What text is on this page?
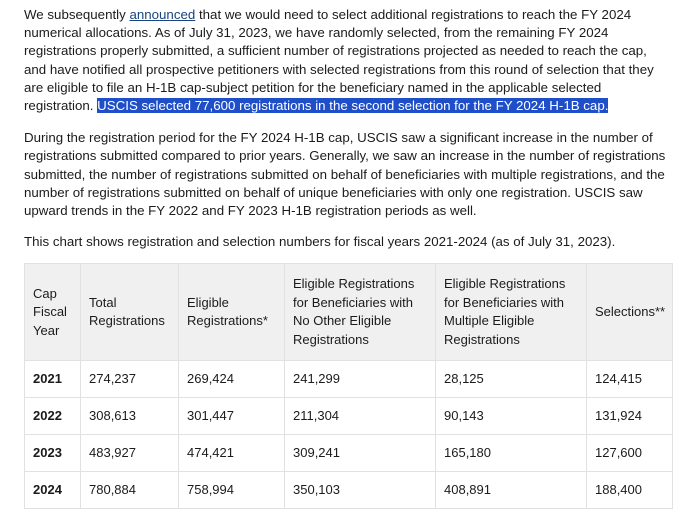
We subsequently announced that we would need to select additional registrations to reach the FY 2024 numerical allocations. As of July 31, 2023, we have randomly selected, from the remaining FY 2024 registrations properly submitted, a sufficient number of registrations projected as needed to reach the cap, and have notified all prospective petitioners with selected registrations from this round of selection that they are eligible to file an H-1B cap-subject petition for the beneficiary named in the applicable selected registration. USCIS selected 77,600 registrations in the second selection for the FY 2024 H-1B cap.

During the registration period for the FY 2024 H-1B cap, USCIS saw a significant increase in the number of registrations submitted compared to prior years. Generally, we saw an increase in the number of registrations submitted, the number of registrations submitted on behalf of beneficiaries with multiple registrations, and the number of registrations submitted on behalf of unique beneficiaries with only one registration. USCIS saw upward trends in the FY 2022 and FY 2023 H-1B registration periods as well.

This chart shows registration and selection numbers for fiscal years 2021-2024 (as of July 31, 2023).

Cap Fiscal Year	Total Registrations	Eligible Registrations*	Eligible Registrations for Beneficiaries with No Other Eligible Registrations	Eligible Registrations for Beneficiaries with Multiple Eligible Registrations	Selections**
2021	274,237	269,424	241,299	28,125	124,415
2022	308,613	301,447	211,304	90,143	131,924
2023	483,927	474,421	309,241	165,180	127,600
2024	780,884	758,994	350,103	408,891	188,400
